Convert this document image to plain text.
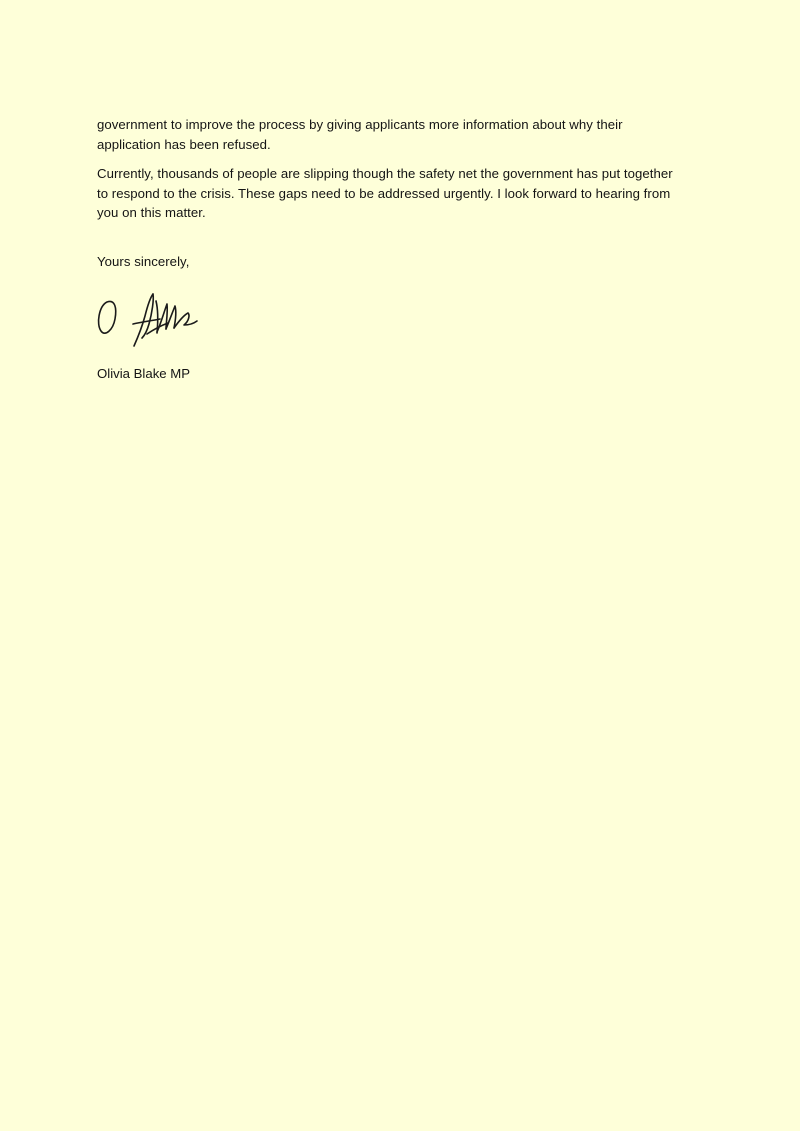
government to improve the process by giving applicants more information about why their
application has been refused.

Currently, thousands of people are slipping though the safety net the government has put together
to respond to the crisis. These gaps need to be addressed urgently. I look forward to hearing from
you on this matter.

Yours sincerely,

Olivia Blake MP
